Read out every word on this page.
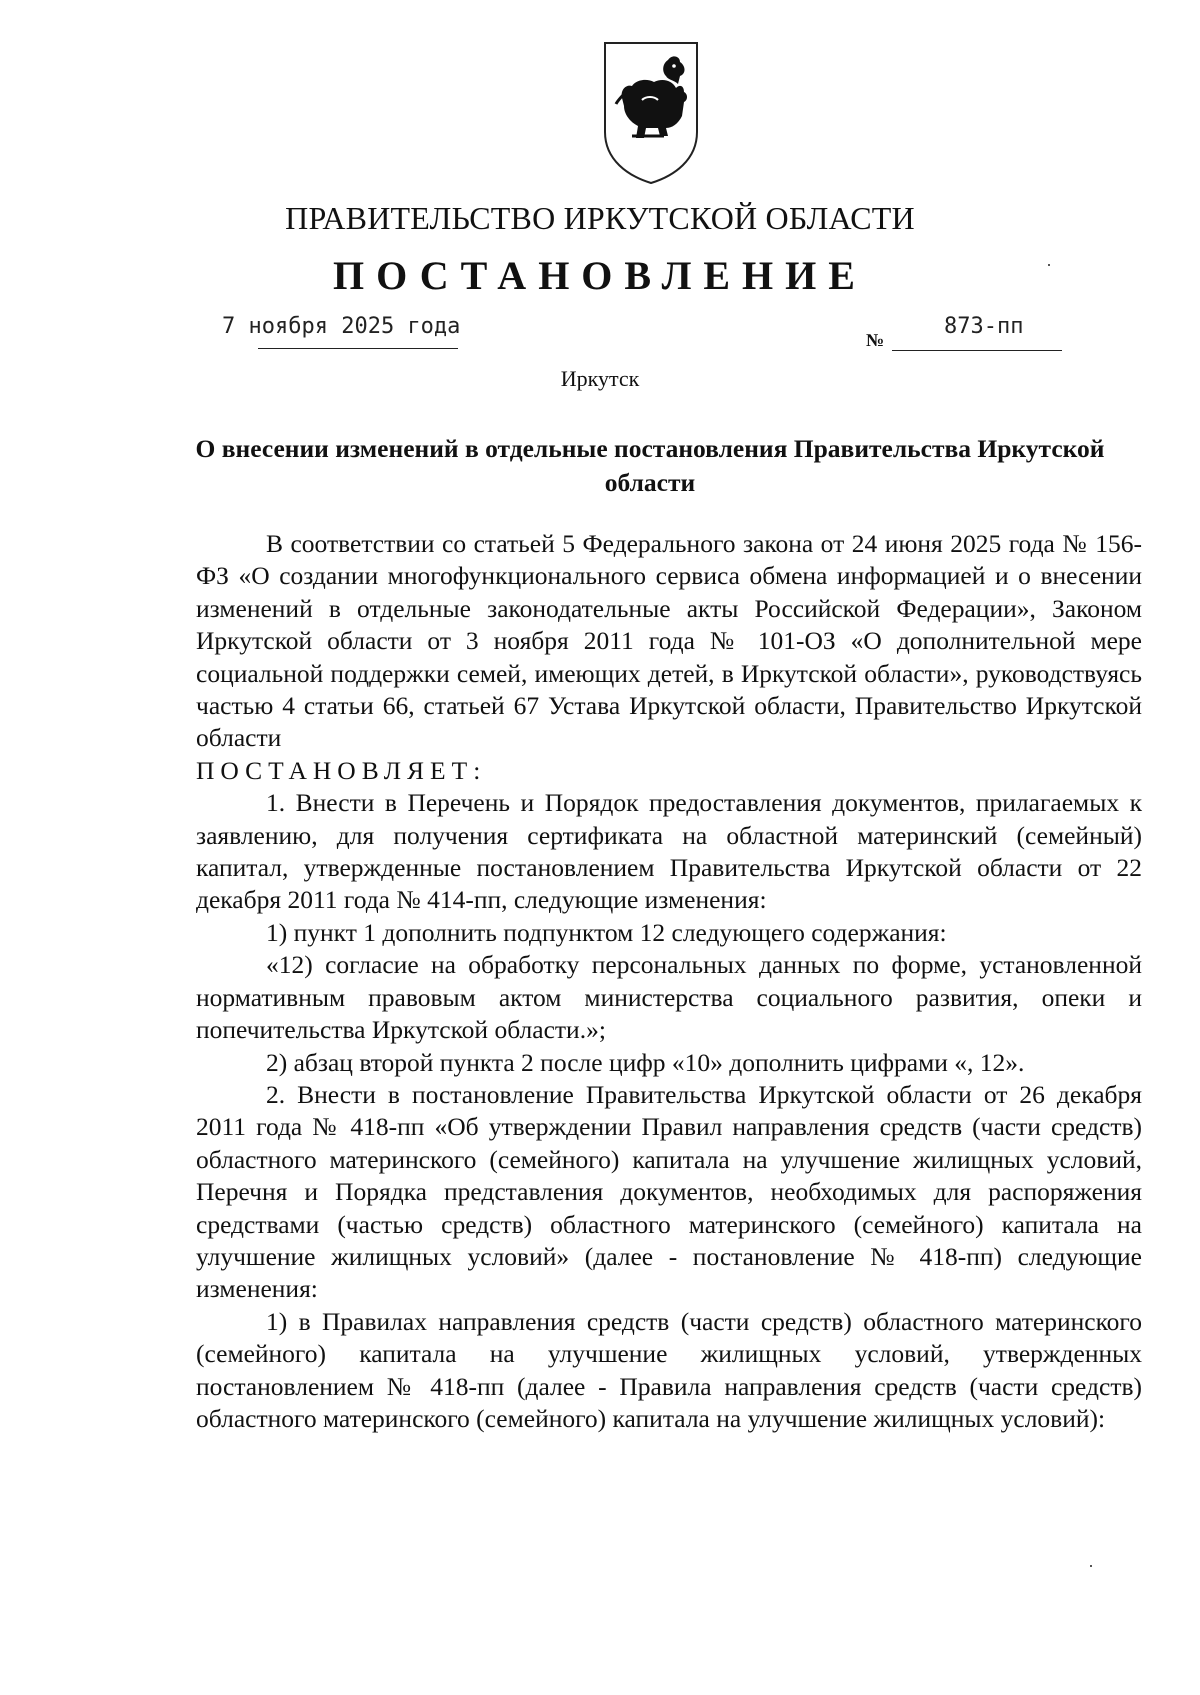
ПРАВИТЕЛЬСТВО ИРКУТСКОЙ ОБЛАСТИ
ПОСТАНОВЛЕНИЕ
7 ноября 2025 года
№
873-пп
Иркутск
О внесении изменений в отдельные постановления Правительства Иркутской области

В соответствии со статьей 5 Федерального закона от 24 июня 2025 года № 156-ФЗ «О создании многофункционального сервиса обмена информацией и о внесении изменений в отдельные законодательные акты Российской Федерации», Законом Иркутской области от 3 ноября 2011 года № 101-ОЗ «О дополнительной мере социальной поддержки семей, имеющих детей, в Иркутской области», руководствуясь частью 4 статьи 66, статьей 67 Устава Иркутской области, Правительство Иркутской области

ПОСТАНОВЛЯЕТ:

1. Внести в Перечень и Порядок предоставления документов, прилагаемых к заявлению, для получения сертификата на областной материнский (семейный) капитал, утвержденные постановлением Правительства Иркутской области от 22 декабря 2011 года № 414-пп, следующие изменения:

1) пункт 1 дополнить подпунктом 12 следующего содержания:

«12) согласие на обработку персональных данных по форме, установленной нормативным правовым актом министерства социального развития, опеки и попечительства Иркутской области.»;

2) абзац второй пункта 2 после цифр «10» дополнить цифрами «, 12».

2. Внести в постановление Правительства Иркутской области от 26 декабря 2011 года № 418-пп «Об утверждении Правил направления средств (части средств) областного материнского (семейного) капитала на улучшение жилищных условий, Перечня и Порядка представления документов, необходимых для распоряжения средствами (частью средств) областного материнского (семейного) капитала на улучшение жилищных условий» (далее - постановление № 418-пп) следующие изменения:

1) в Правилах направления средств (части средств) областного материнского (семейного) капитала на улучшение жилищных условий, утвержденных постановлением № 418-пп (далее - Правила направления средств (части средств) областного материнского (семейного) капитала на улучшение жилищных условий):
